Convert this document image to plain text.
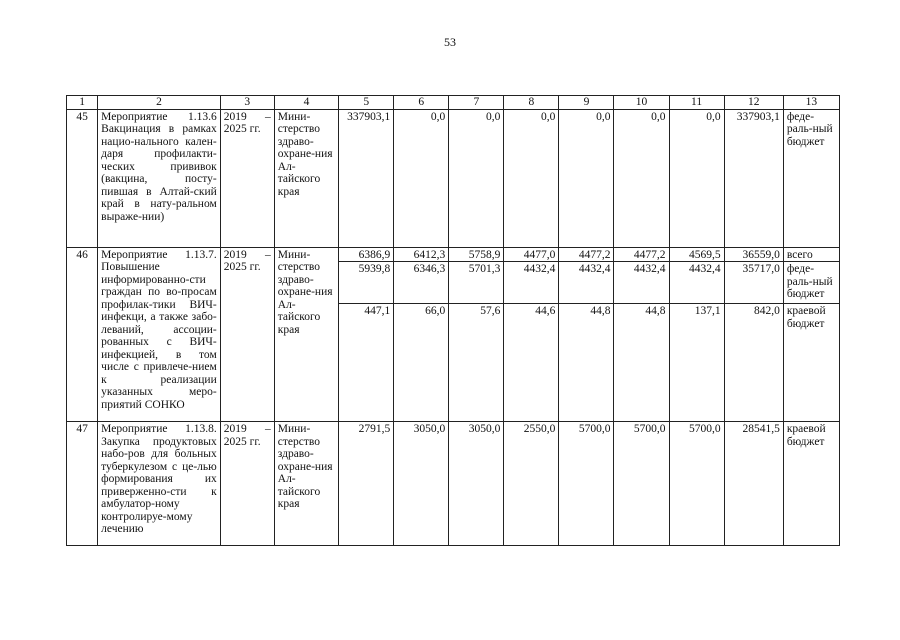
53
1	2	3	4	5	6	7	8	9	10	11	12	13
45	Мероприятие 1.13.6 Вакцинация в рамках нацио-нального кален-даря профилакти-ческих прививок (вакцина, посту-пившая в Алтай-ский край в нату-ральном выраже-нии)	2019 – 2025 гг.	Мини-стерство здраво-охране-ния Ал-тайского края	337903,1	0,0	0,0	0,0	0,0	0,0	0,0	337903,1	феде-раль-ный бюджет
46	Мероприятие 1.13.7. Повышение информированно-сти граждан по во-просам профилак-тики ВИЧ-инфекци, а также забо-леваний, ассоции-рованных с ВИЧ-инфекцией, в том числе с привлече-нием к реализации указанных меро-приятий СОНКО	2019 – 2025 гг.	Мини-стерство здраво-охране-ния Ал-тайского края	6386,9	6412,3	5758,9	4477,0	4477,2	4477,2	4569,5	36559,0	всего
				5939,8	6346,3	5701,3	4432,4	4432,4	4432,4	4432,4	35717,0	феде-раль-ный бюджет
				447,1	66,0	57,6	44,6	44,8	44,8	137,1	842,0	краевой бюджет
47	Мероприятие 1.13.8. Закупка продуктовых набо-ров для больных туберкулезом с це-лью формирования их приверженно-сти к амбулатор-ному контролируе-мому лечению	2019 – 2025 гг.	Мини-стерство здраво-охране-ния Ал-тайского края	2791,5	3050,0	3050,0	2550,0	5700,0	5700,0	5700,0	28541,5	краевой бюджет
